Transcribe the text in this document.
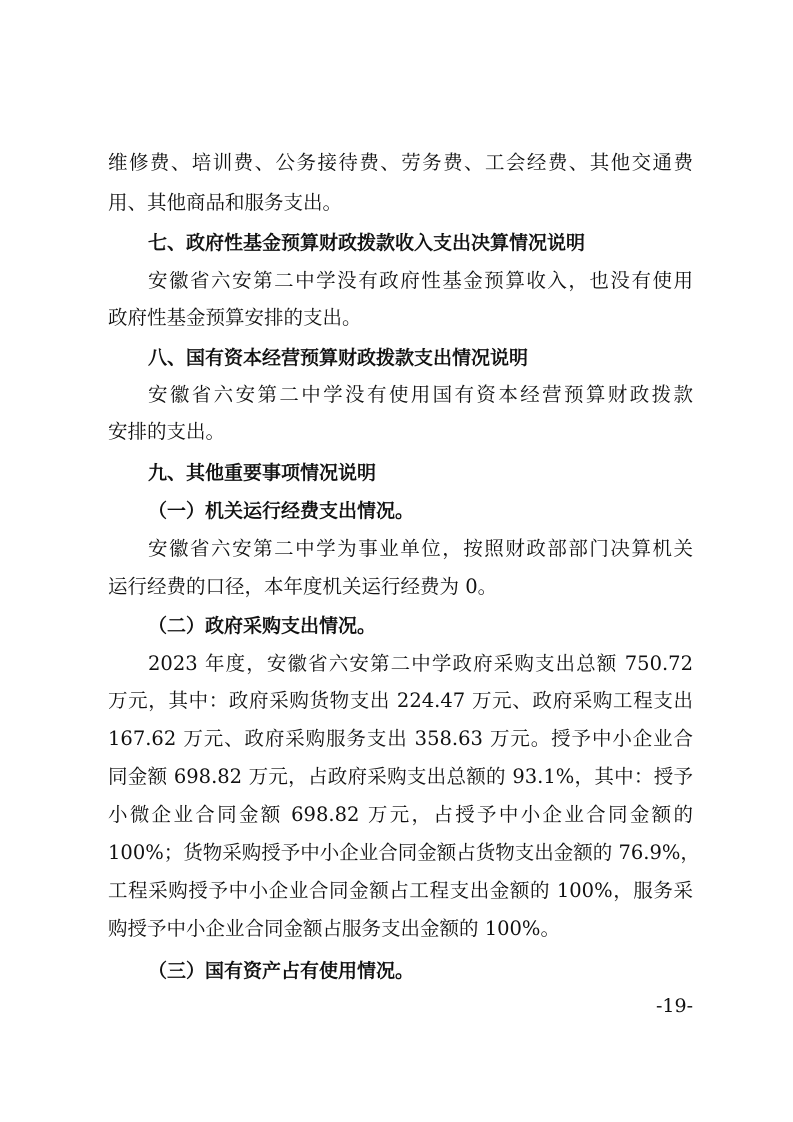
维修费、培训费、公务接待费、劳务费、工会经费、其他交通费

用、其他商品和服务支出。

七、政府性基金预算财政拨款收入支出决算情况说明

安徽省六安第二中学没有政府性基金预算收入，也没有使用

政府性基金预算安排的支出。

八、国有资本经营预算财政拨款支出情况说明

安徽省六安第二中学没有使用国有资本经营预算财政拨款

安排的支出。

九、其他重要事项情况说明

（一）机关运行经费支出情况。

安徽省六安第二中学为事业单位，按照财政部部门决算机关

运行经费的口径，本年度机关运行经费为 0。

（二）政府采购支出情况。

2023 年度，安徽省六安第二中学政府采购支出总额 750.72

万元，其中：政府采购货物支出 224.47 万元、政府采购工程支出

167.62 万元、政府采购服务支出 358.63 万元。授予中小企业合

同金额 698.82 万元，占政府采购支出总额的 93.1%，其中：授予

小微企业合同金额 698.82 万元，占授予中小企业合同金额的

100%；货物采购授予中小企业合同金额占货物支出金额的 76.9%，

工程采购授予中小企业合同金额占工程支出金额的 100%，服务采

购授予中小企业合同金额占服务支出金额的 100%。

（三）国有资产占有使用情况。

-19-
